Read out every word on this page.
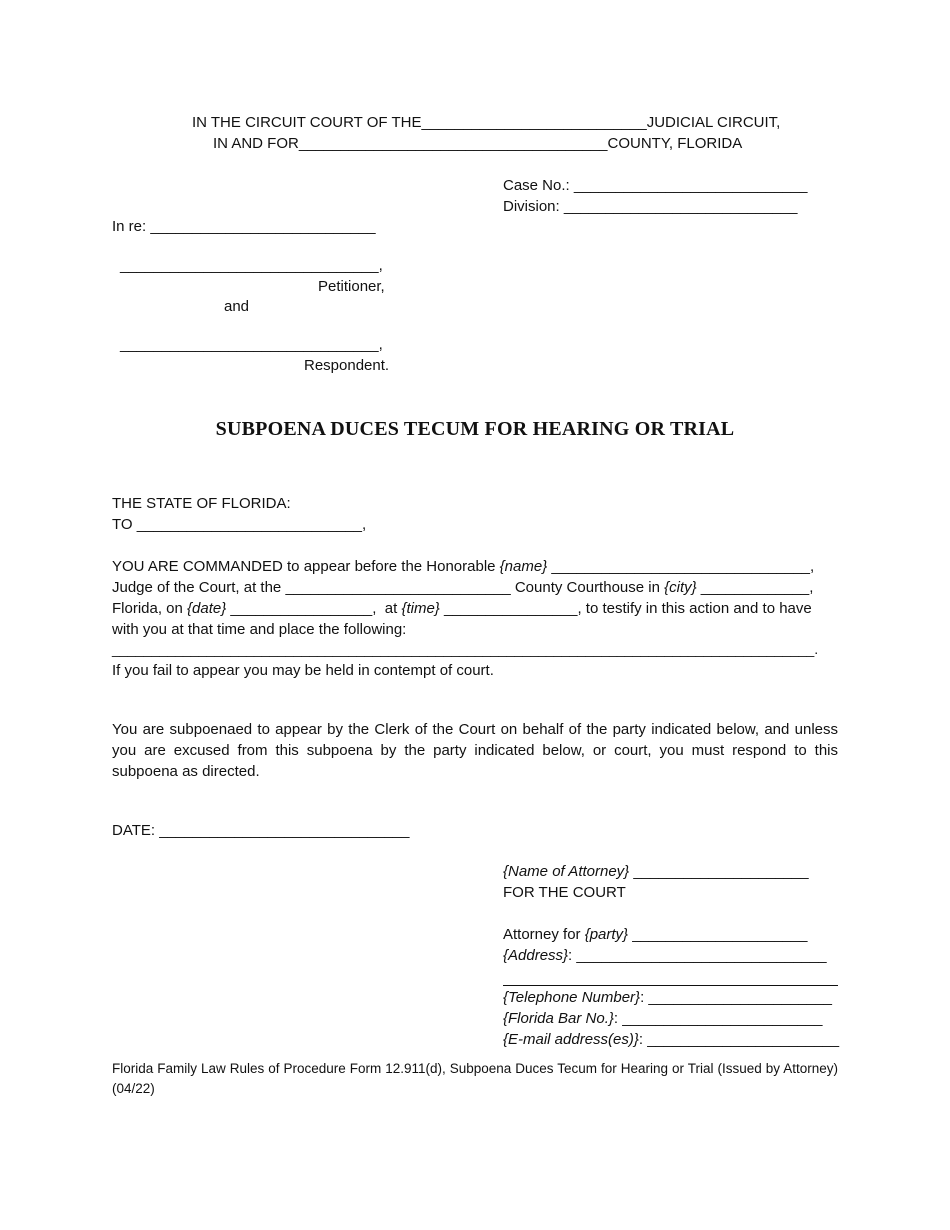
IN THE CIRCUIT COURT OF THE___________________________JUDICIAL CIRCUIT,
IN AND FOR_____________________________________COUNTY, FLORIDA
Case No.: ____________________________
Division: ____________________________
In re: ___________________________
_______________________________,
Petitioner,
and
_______________________________,
Respondent.
SUBPOENA DUCES TECUM FOR HEARING OR TRIAL
THE STATE OF FLORIDA:
TO ___________________________,
YOU ARE COMMANDED to appear before the Honorable {name} _______________________________,
Judge of the Court, at the ___________________________ County Courthouse in {city} _____________,
Florida, on {date} _________________,  at {time} ________________, to testify in this action and to have
with you at that time and place the following:
_________________________________________________________________________________________.
If you fail to appear you may be held in contempt of court.
You are subpoenaed to appear by the Clerk of the Court on behalf of the party indicated below, and unless you are excused from this subpoena by the party indicated below, or court, you must respond to this subpoena as directed.
DATE: ______________________________
{Name of Attorney} _____________________
FOR THE COURT
Attorney for {party} _____________________
{Address}: ______________________________
{Telephone Number}: ______________________
{Florida Bar No.}: ________________________
{E-mail address(es)}: _______________________
Florida Family Law Rules of Procedure Form 12.911(d), Subpoena Duces Tecum for Hearing or Trial (Issued by Attorney) (04/22)
